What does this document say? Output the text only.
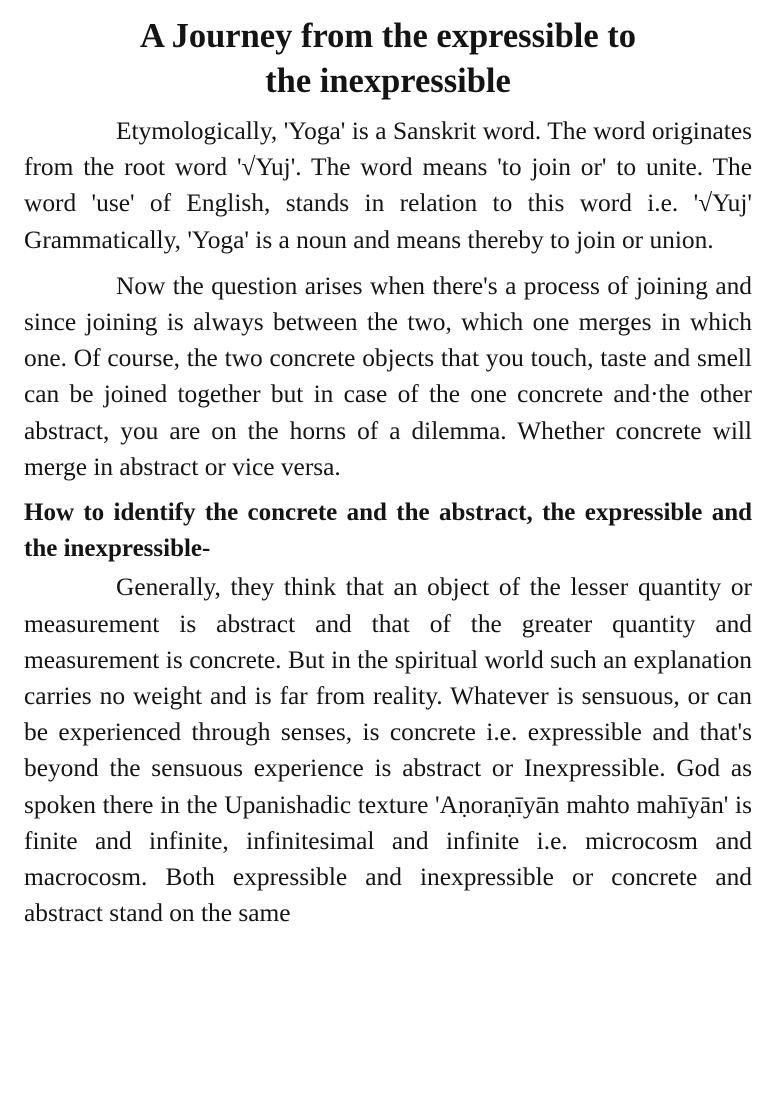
A Journey from the expressible to
the inexpressible

Etymologically, 'Yoga' is a Sanskrit word. The word originates from the root word '√Yuj'. The word means 'to join or' to unite. The word 'use' of English, stands in relation to this word i.e. '√Yuj' Grammatically, 'Yoga' is a noun and means thereby to join or union.

Now the question arises when there's a process of joining and since joining is always between the two, which one merges in which one. Of course, the two concrete objects that you touch, taste and smell can be joined together but in case of the one concrete and·the other abstract, you are on the horns of a dilemma. Whether concrete will merge in abstract or vice versa.

How to identify the concrete and the abstract, the expressible and the inexpressible-

Generally, they think that an object of the lesser quantity or measurement is abstract and that of the greater quantity and measurement is concrete. But in the spiritual world such an explanation carries no weight and is far from reality. Whatever is sensuous, or can be experienced through senses, is concrete i.e. expressible and that's beyond the sensuous experience is abstract or Inexpressible. God as spoken there in the Upanishadic texture 'Aṇoraṇīyān mahto mahīyān' is finite and infinite, infinitesimal and infinite i.e. microcosm and macrocosm. Both expressible and inexpressible or concrete and abstract stand on the same
